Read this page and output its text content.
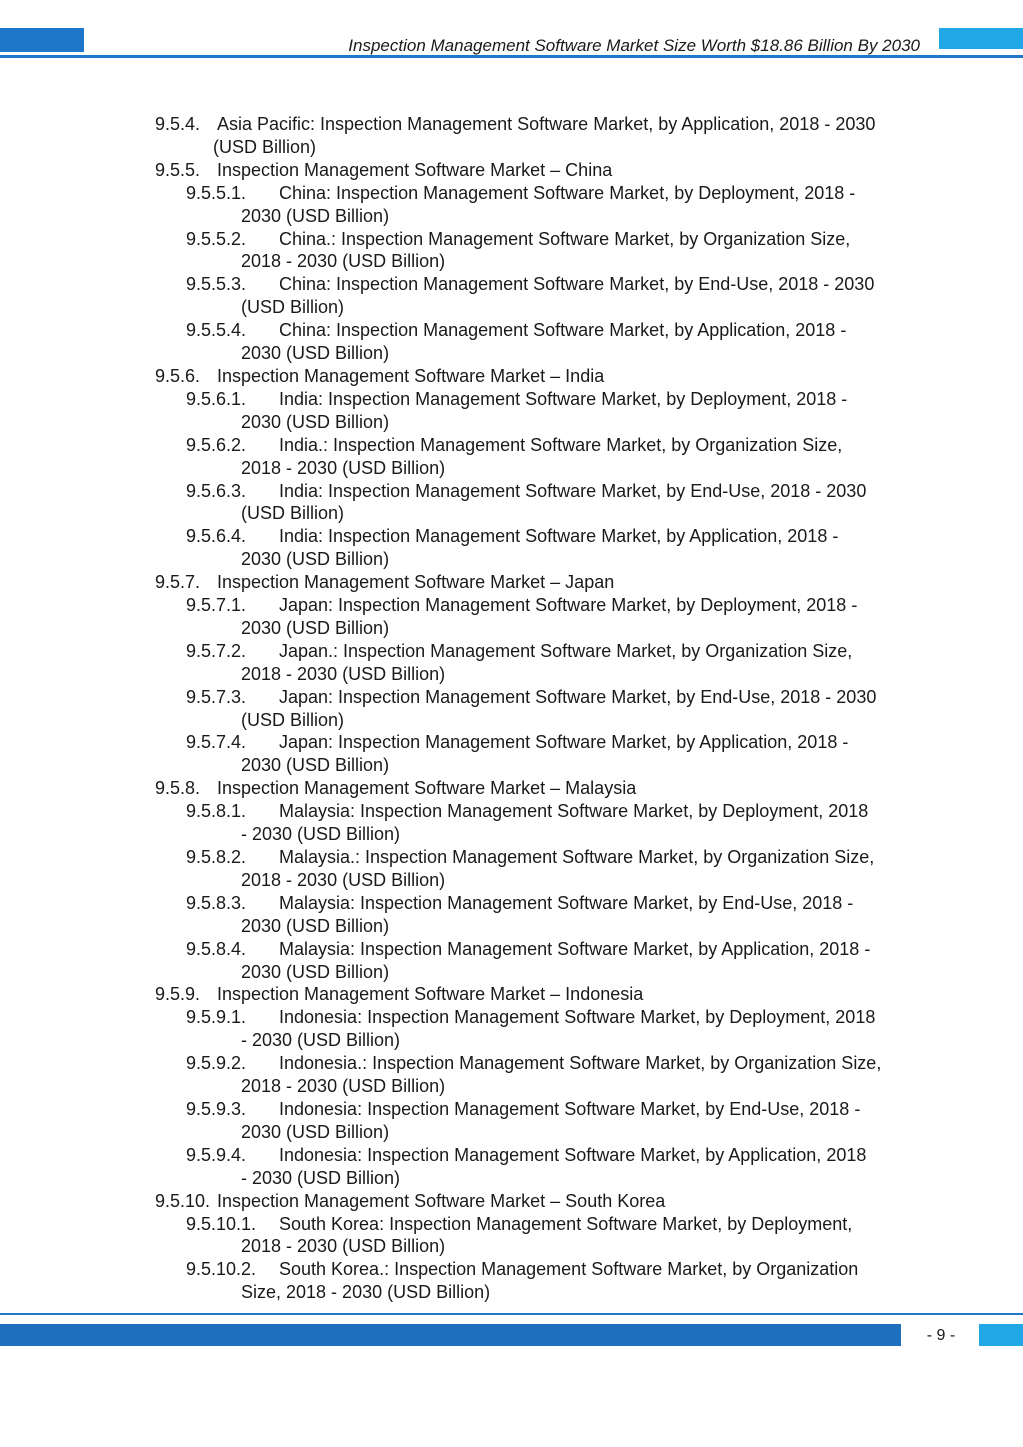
Inspection Management Software Market Size Worth $18.86 Billion By 2030
9.5.4. Asia Pacific: Inspection Management Software Market, by Application, 2018 - 2030
(USD Billion)
9.5.5. Inspection Management Software Market – China
9.5.5.1.	China: Inspection Management Software Market, by Deployment, 2018 -
2030 (USD Billion)
9.5.5.2.	China.: Inspection Management Software Market, by Organization Size,
2018 - 2030 (USD Billion)
9.5.5.3.	China: Inspection Management Software Market, by End-Use, 2018 - 2030
(USD Billion)
9.5.5.4.	China: Inspection Management Software Market, by Application, 2018 -
2030 (USD Billion)
9.5.6. Inspection Management Software Market – India
9.5.6.1.	India: Inspection Management Software Market, by Deployment, 2018 -
2030 (USD Billion)
9.5.6.2.	India.: Inspection Management Software Market, by Organization Size,
2018 - 2030 (USD Billion)
9.5.6.3.	India: Inspection Management Software Market, by End-Use, 2018 - 2030
(USD Billion)
9.5.6.4.	India: Inspection Management Software Market, by Application, 2018 -
2030 (USD Billion)
9.5.7. Inspection Management Software Market – Japan
9.5.7.1.	Japan: Inspection Management Software Market, by Deployment, 2018 -
2030 (USD Billion)
9.5.7.2.	Japan.: Inspection Management Software Market, by Organization Size,
2018 - 2030 (USD Billion)
9.5.7.3.	Japan: Inspection Management Software Market, by End-Use, 2018 - 2030
(USD Billion)
9.5.7.4.	Japan: Inspection Management Software Market, by Application, 2018 -
2030 (USD Billion)
9.5.8. Inspection Management Software Market – Malaysia
9.5.8.1.	Malaysia: Inspection Management Software Market, by Deployment, 2018
- 2030 (USD Billion)
9.5.8.2.	Malaysia.: Inspection Management Software Market, by Organization Size,
2018 - 2030 (USD Billion)
9.5.8.3.	Malaysia: Inspection Management Software Market, by End-Use, 2018 -
2030 (USD Billion)
9.5.8.4.	Malaysia: Inspection Management Software Market, by Application, 2018 -
2030 (USD Billion)
9.5.9. Inspection Management Software Market – Indonesia
9.5.9.1.	Indonesia: Inspection Management Software Market, by Deployment, 2018
- 2030 (USD Billion)
9.5.9.2.	Indonesia.: Inspection Management Software Market, by Organization Size,
2018 - 2030 (USD Billion)
9.5.9.3.	Indonesia: Inspection Management Software Market, by End-Use, 2018 -
2030 (USD Billion)
9.5.9.4.	Indonesia: Inspection Management Software Market, by Application, 2018
- 2030 (USD Billion)
9.5.10. Inspection Management Software Market – South Korea
9.5.10.1.	South Korea: Inspection Management Software Market, by Deployment,
2018 - 2030 (USD Billion)
9.5.10.2.	South Korea.: Inspection Management Software Market, by Organization
Size, 2018 - 2030 (USD Billion)
- 9 -
